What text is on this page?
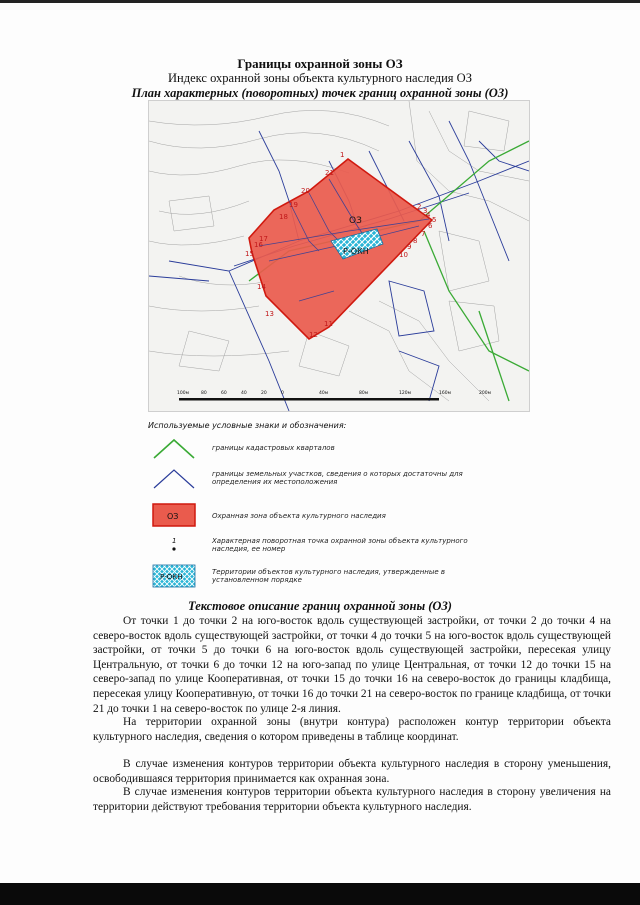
Границы охранной зоны ОЗ
Индекс охранной зоны объекта культурного наследия ОЗ
План характерных (поворотных) точек границ охранной зоны (ОЗ)
Р-ОКН
ОЗ
1
2 3
4
5
6
7
8
9
10
11
12
13
14
15
16
17
18
19
20
21
100м	80	60	40	20	0	40м	80м	120м	160м	200м
Используемые условные знаки и обозначения:
границы кадастровых кварталов
границы земельных участков, сведения о которых достаточны для определения их местоположения
ОЗ	Охранная зона объекта культурного наследия
1	Характерная поворотная точка охранной зоны объекта культурного наследия, ее номер
Р-ОКН
Территории объектов культурного наследия, утвержденные в установленном порядке
Текстовое описание границ охранной зоны (ОЗ)
От точки 1 до точки 2 на юго-восток вдоль существующей застройки, от точки 2 до точки 4 на северо-восток вдоль существующей застройки, от точки 4 до точки 5 на юго-восток вдоль существующей застройки, от точки 5 до точки 6 на юго-восток вдоль существующей застройки, пересекая улицу Центральную, от точки 6 до точки 12 на юго-запад по улице Центральная, от точки 12 до точки 15 на северо-запад по улице Кооперативная, от точки 15 до точки 16 на северо-восток до границы кладбища, пересекая улицу Кооперативную, от точки 16 до точки 21 на северо-восток по границе кладбища, от точки 21 до точки 1 на северо-восток по улице 2-я линия.
На территории охранной зоны (внутри контура) расположен контур территории объекта культурного наследия, сведения о котором приведены в таблице координат.
В случае изменения контуров территории объекта культурного наследия в сторону уменьшения, освободившаяся территория принимается как охранная зона.
В случае изменения контуров территории объекта культурного наследия в сторону увеличения на территории действуют требования территории объекта культурного наследия.
